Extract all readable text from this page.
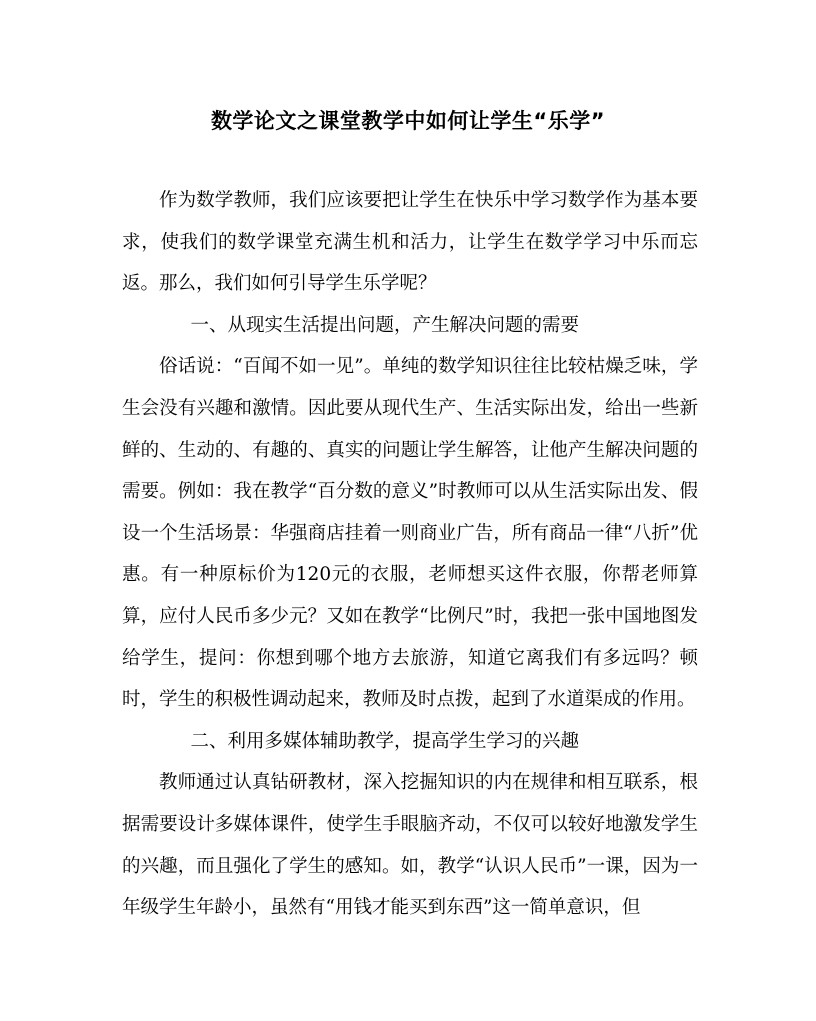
数学论文之课堂教学中如何让学生“乐学”

作为数学教师，我们应该要把让学生在快乐中学习数学作为基本要求，使我们的数学课堂充满生机和活力，让学生在数学学习中乐而忘返。那么，我们如何引导学生乐学呢？

一、从现实生活提出问题，产生解决问题的需要

俗话说：“百闻不如一见”。单纯的数学知识往往比较枯燥乏味，学生会没有兴趣和激情。因此要从现代生产、生活实际出发，给出一些新鲜的、生动的、有趣的、真实的问题让学生解答，让他产生解决问题的需要。例如：我在教学“百分数的意义”时教师可以从生活实际出发、假设一个生活场景：华强商店挂着一则商业广告，所有商品一律“八折”优惠。有一种原标价为120元的衣服，老师想买这件衣服，你帮老师算算，应付人民币多少元？又如在教学“比例尺”时，我把一张中国地图发给学生，提问：你想到哪个地方去旅游，知道它离我们有多远吗？顿时，学生的积极性调动起来，教师及时点拨，起到了水道渠成的作用。

二、利用多媒体辅助教学，提高学生学习的兴趣

教师通过认真钻研教材，深入挖掘知识的内在规律和相互联系，根据需要设计多媒体课件，使学生手眼脑齐动，不仅可以较好地激发学生的兴趣，而且强化了学生的感知。如，教学“认识人民币”一课，因为一年级学生年龄小，虽然有“用钱才能买到东西”这一简单意识，但
